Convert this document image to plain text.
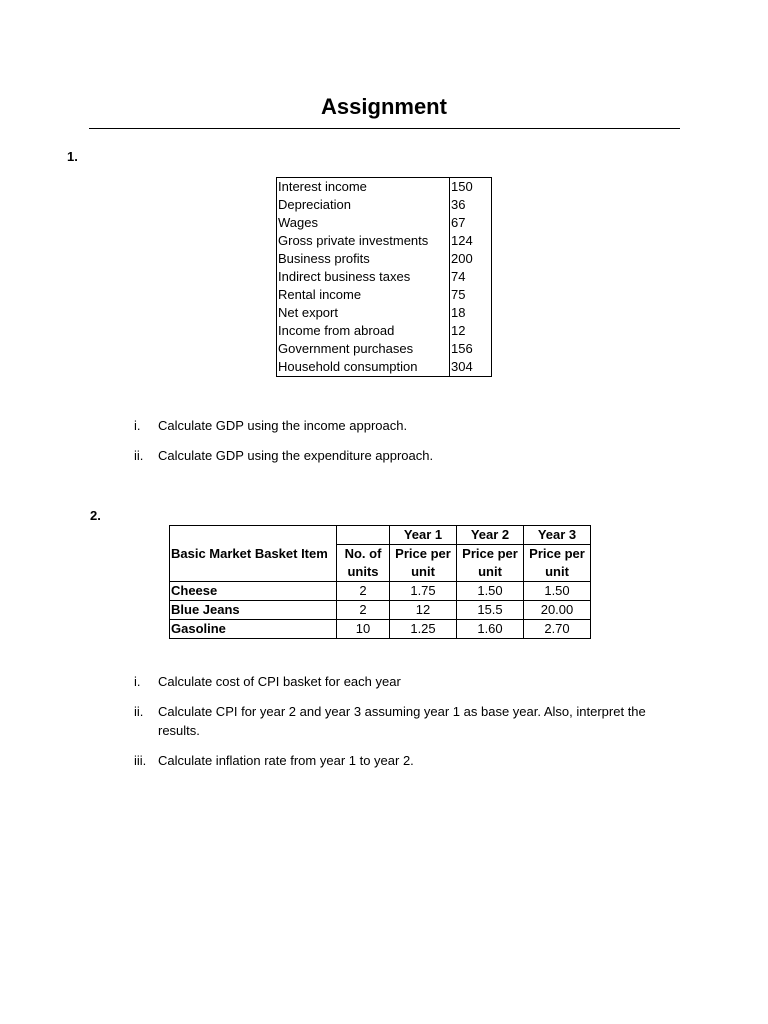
Assignment
1.
Interest income	150
Depreciation	36
Wages	67
Gross private investments	124
Business profits	200
Indirect business taxes	74
Rental income	75
Net export	18
Income from abroad	12
Government purchases	156
Household consumption	304
i.	Calculate GDP using the income approach.
ii.	Calculate GDP using the expenditure approach.
2.
		Year 1	Year 2	Year 3
Basic Market Basket Item	No. of	Price per	Price per	Price per
	units	unit	unit	unit
Cheese	2	1.75	1.50	1.50
Blue Jeans	2	12	15.5	20.00
Gasoline	10	1.25	1.60	2.70
i.	Calculate cost of CPI basket for each year
ii.	Calculate CPI for year 2 and year 3 assuming year 1 as base year. Also, interpret the results.
iii. Calculate inflation rate from year 1 to year 2.
